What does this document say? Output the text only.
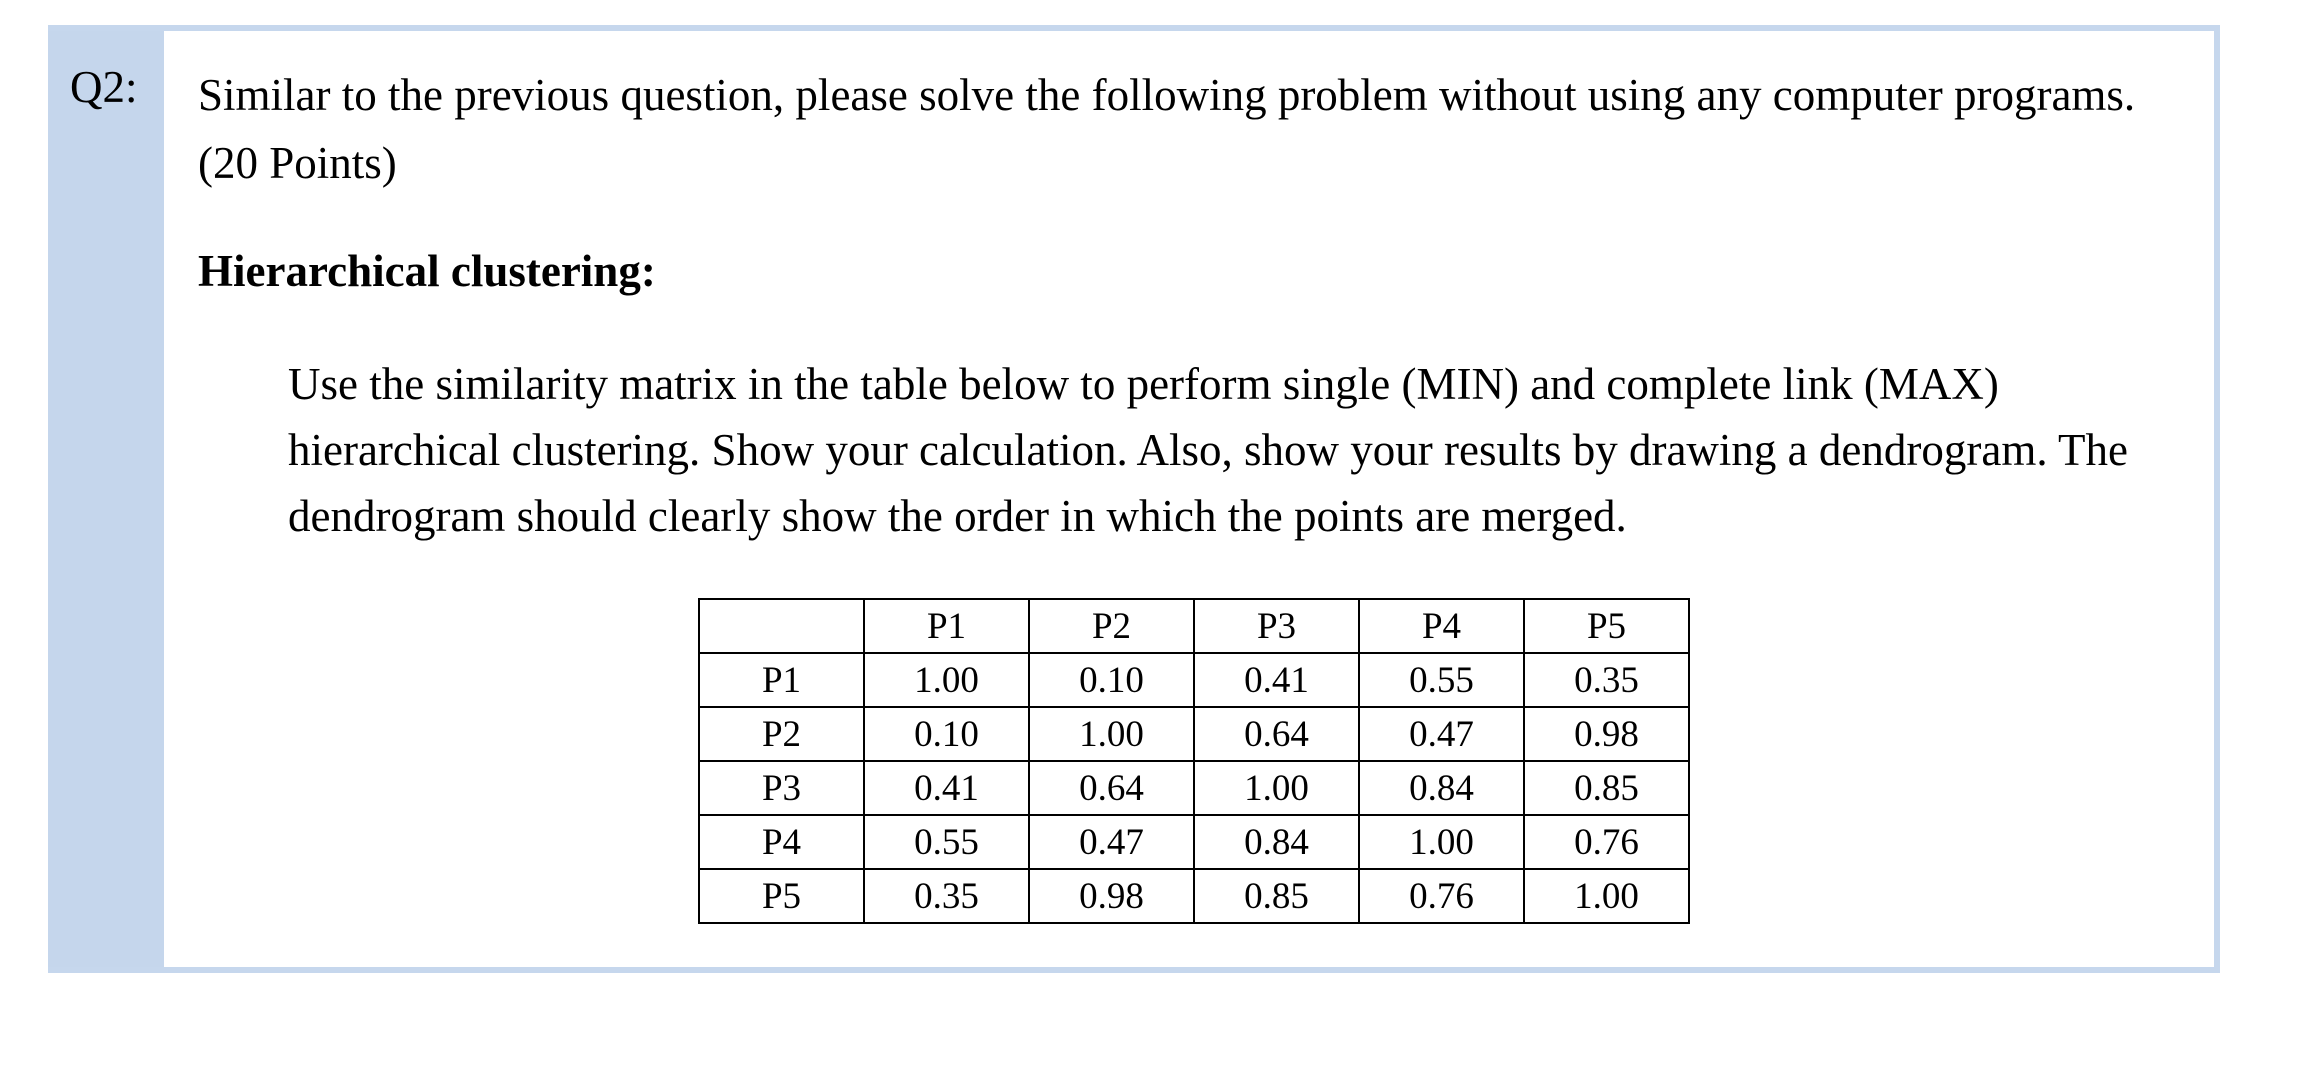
Q2: Similar to the previous question, please solve the following problem without using any computer programs. (20 Points)

Hierarchical clustering:

Use the similarity matrix in the table below to perform single (MIN) and complete link (MAX) hierarchical clustering. Show your calculation. Also, show your results by drawing a dendrogram. The dendrogram should clearly show the order in which the points are merged.

	P1	P2	P3	P4	P5
P1	1.00	0.10	0.41	0.55	0.35
P2	0.10	1.00	0.64	0.47	0.98
P3	0.41	0.64	1.00	0.84	0.85
P4	0.55	0.47	0.84	1.00	0.76
P5	0.35	0.98	0.85	0.76	1.00
